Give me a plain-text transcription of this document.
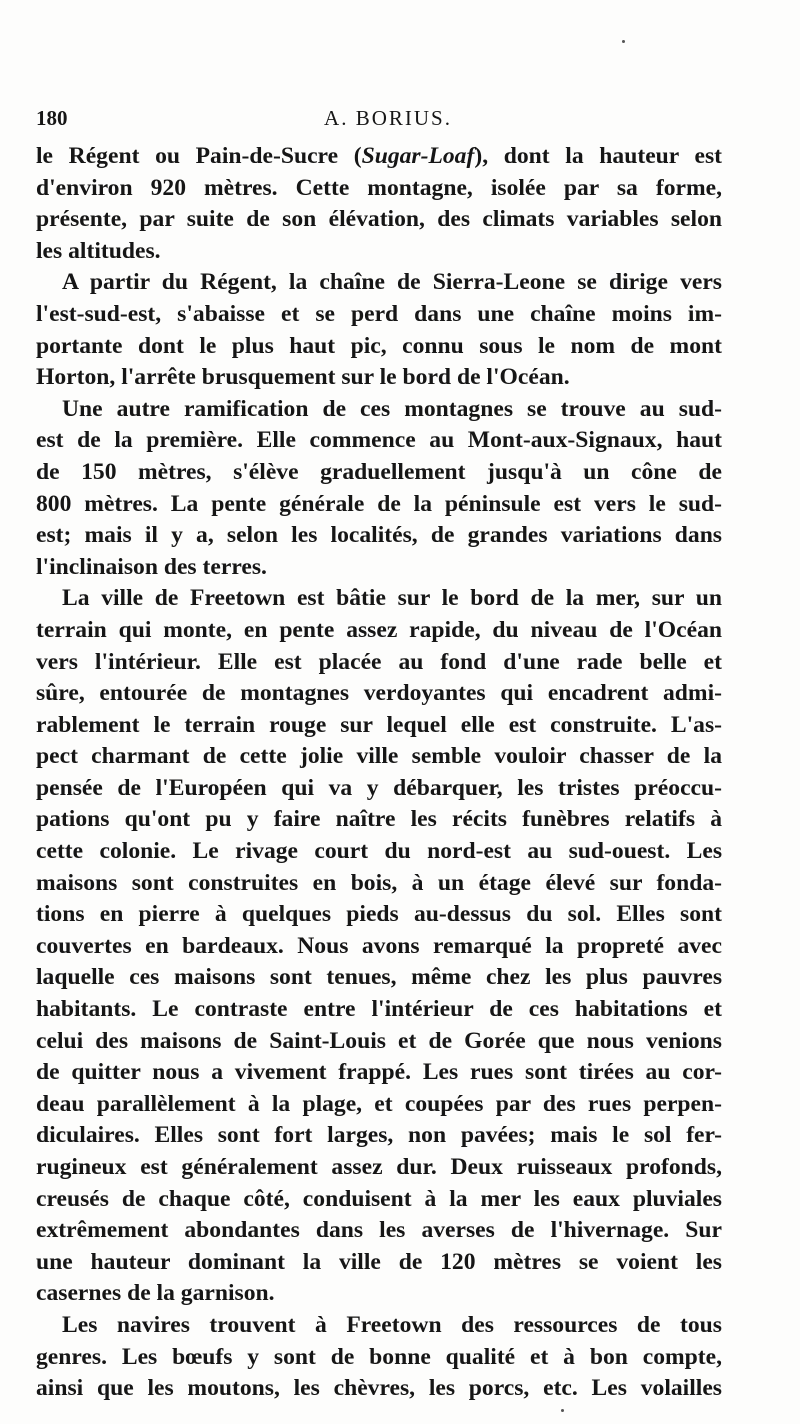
180	A. BORIUS.
le Régent ou Pain-de-Sucre (Sugar-Loaf), dont la hauteur est
d'environ 920 mètres. Cette montagne, isolée par sa forme,
présente, par suite de son élévation, des climats variables selon
les altitudes.
A partir du Régent, la chaîne de Sierra-Leone se dirige vers
l'est-sud-est, s'abaisse et se perd dans une chaîne moins im-
portante dont le plus haut pic, connu sous le nom de mont
Horton, l'arrête brusquement sur le bord de l'Océan.
Une autre ramification de ces montagnes se trouve au sud-
est de la première. Elle commence au Mont-aux-Signaux, haut
de 150 mètres, s'élève graduellement jusqu'à un cône de
800 mètres. La pente générale de la péninsule est vers le sud-
est; mais il y a, selon les localités, de grandes variations dans
l'inclinaison des terres.
La ville de Freetown est bâtie sur le bord de la mer, sur un
terrain qui monte, en pente assez rapide, du niveau de l'Océan
vers l'intérieur. Elle est placée au fond d'une rade belle et
sûre, entourée de montagnes verdoyantes qui encadrent admi-
rablement le terrain rouge sur lequel elle est construite. L'as-
pect charmant de cette jolie ville semble vouloir chasser de la
pensée de l'Européen qui va y débarquer, les tristes préoccu-
pations qu'ont pu y faire naître les récits funèbres relatifs à
cette colonie. Le rivage court du nord-est au sud-ouest. Les
maisons sont construites en bois, à un étage élevé sur fonda-
tions en pierre à quelques pieds au-dessus du sol. Elles sont
couvertes en bardeaux. Nous avons remarqué la propreté avec
laquelle ces maisons sont tenues, même chez les plus pauvres
habitants. Le contraste entre l'intérieur de ces habitations et
celui des maisons de Saint-Louis et de Gorée que nous venions
de quitter nous a vivement frappé. Les rues sont tirées au cor-
deau parallèlement à la plage, et coupées par des rues perpen-
diculaires. Elles sont fort larges, non pavées; mais le sol fer-
rugineux est généralement assez dur. Deux ruisseaux profonds,
creusés de chaque côté, conduisent à la mer les eaux pluviales
extrêmement abondantes dans les averses de l'hivernage. Sur
une hauteur dominant la ville de 120 mètres se voient les
casernes de la garnison.
Les navires trouvent à Freetown des ressources de tous
genres. Les bœufs y sont de bonne qualité et à bon compte,
ainsi que les moutons, les chèvres, les porcs, etc. Les volailles
